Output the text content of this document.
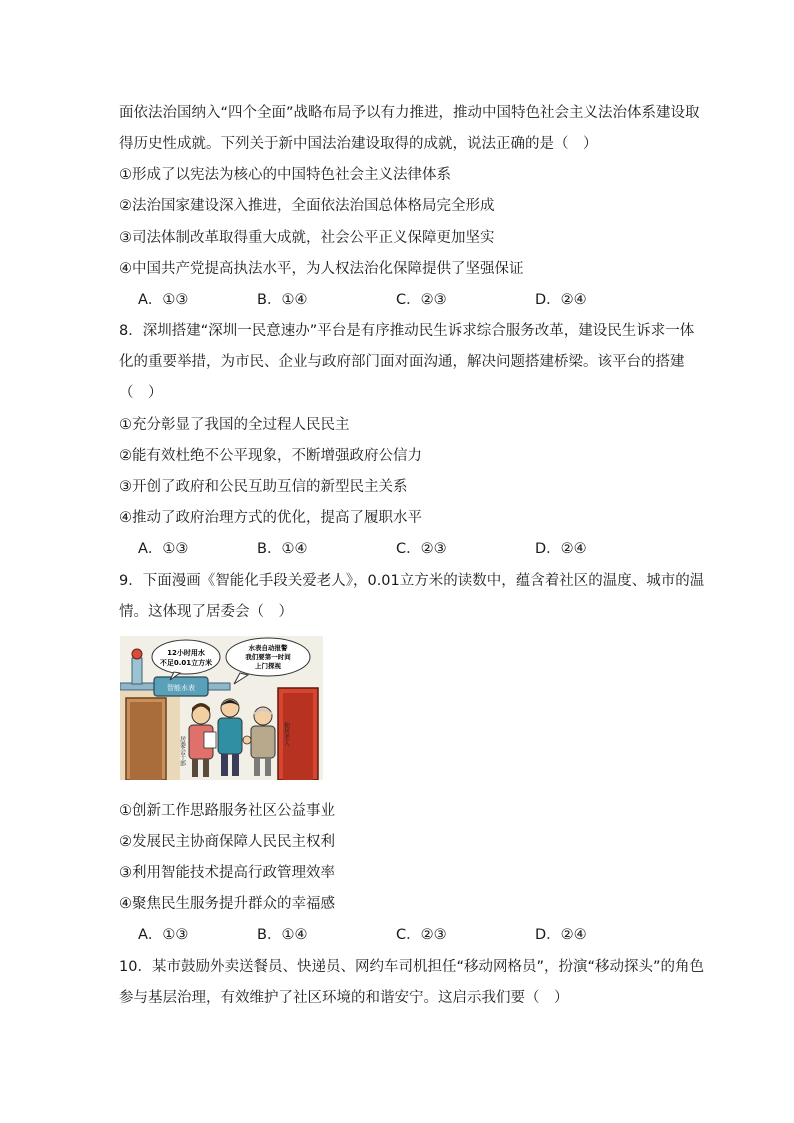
面依法治国纳入“四个全面”战略布局予以有力推进，推动中国特色社会主义法治体系建设取
得历史性成就。下列关于新中国法治建设取得的成就，说法正确的是（　）
①形成了以宪法为核心的中国特色社会主义法律体系
②法治国家建设深入推进，全面依法治国总体格局完全形成
③司法体制改革取得重大成就，社会公平正义保障更加坚实
④中国共产党提高执法水平，为人权法治化保障提供了坚强保证
A．①③	B．①④	C．②③	D．②④
8．深圳搭建“深圳一民意速办”平台是有序推动民生诉求综合服务改革，建设民生诉求一体
化的重要举措，为市民、企业与政府部门面对面沟通，解决问题搭建桥梁。该平台的搭建
（　）
①充分彰显了我国的全过程人民民主
②能有效杜绝不公平现象，不断增强政府公信力
③开创了政府和公民互助互信的新型民主关系
④推动了政府治理方式的优化，提高了履职水平
A．①③	B．①④	C．②③	D．②④
9．下面漫画《智能化手段关爱老人》，0.01立方米的读数中，蕴含着社区的温度、城市的温
情。这体现了居委会（　）
智能水表
12小时用水
不足0.01立方米
水表自动报警
我们要第一时间
上门探视
居委会干部
独居老人
①创新工作思路服务社区公益事业
②发展民主协商保障人民民主权利
③利用智能技术提高行政管理效率
④聚焦民生服务提升群众的幸福感
A．①③	B．①④	C．②③	D．②④
10．某市鼓励外卖送餐员、快递员、网约车司机担任“移动网格员”，扮演“移动探头”的角色
参与基层治理，有效维护了社区环境的和谐安宁。这启示我们要（　）
